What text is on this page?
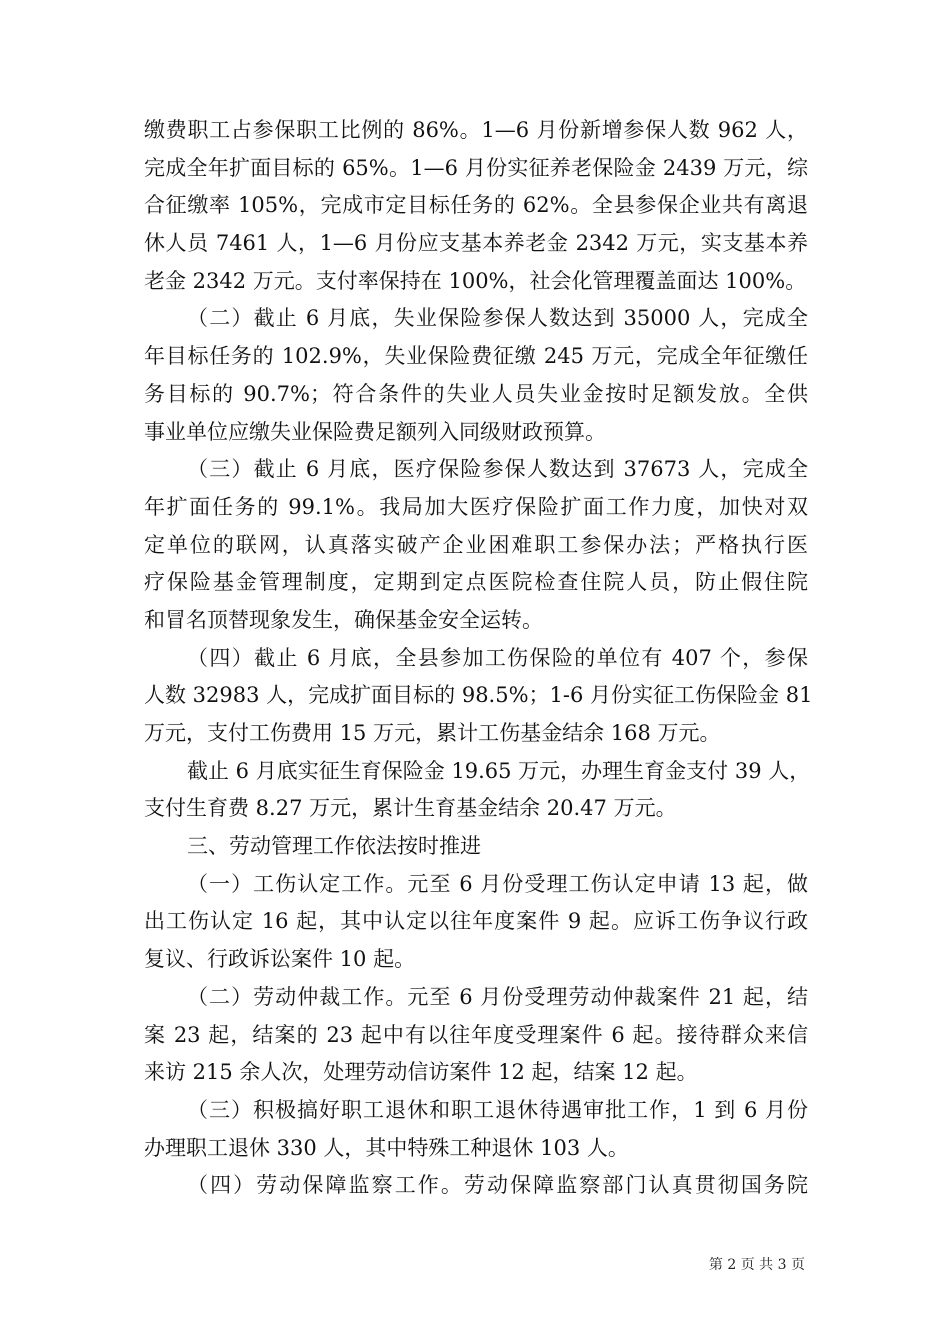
缴费职工占参保职工比例的 86%。1—6 月份新增参保人数 962 人，
完成全年扩面目标的 65%。1—6 月份实征养老保险金 2439 万元，综
合征缴率 105%，完成市定目标任务的 62%。全县参保企业共有离退
休人员 7461 人，1—6 月份应支基本养老金 2342 万元，实支基本养
老金 2342 万元。支付率保持在 100%，社会化管理覆盖面达 100%。
（二）截止 6 月底，失业保险参保人数达到 35000 人，完成全
年目标任务的 102.9%，失业保险费征缴 245 万元，完成全年征缴任
务目标的 90.7%；符合条件的失业人员失业金按时足额发放。全供
事业单位应缴失业保险费足额列入同级财政预算。
（三）截止 6 月底，医疗保险参保人数达到 37673 人，完成全
年扩面任务的 99.1%。我局加大医疗保险扩面工作力度，加快对双
定单位的联网，认真落实破产企业困难职工参保办法；严格执行医
疗保险基金管理制度，定期到定点医院检查住院人员，防止假住院
和冒名顶替现象发生，确保基金安全运转。
（四）截止 6 月底，全县参加工伤保险的单位有 407 个，参保
人数 32983 人，完成扩面目标的 98.5%；1-6 月份实征工伤保险金 81
万元，支付工伤费用 15 万元，累计工伤基金结余 168 万元。
截止 6 月底实征生育保险金 19.65 万元，办理生育金支付 39 人，
支付生育费 8.27 万元，累计生育基金结余 20.47 万元。
三、劳动管理工作依法按时推进
（一）工伤认定工作。元至 6 月份受理工伤认定申请 13 起，做
出工伤认定 16 起，其中认定以往年度案件 9 起。应诉工伤争议行政
复议、行政诉讼案件 10 起。
（二）劳动仲裁工作。元至 6 月份受理劳动仲裁案件 21 起，结
案 23 起，结案的 23 起中有以往年度受理案件 6 起。接待群众来信
来访 215 余人次，处理劳动信访案件 12 起，结案 12 起。
（三）积极搞好职工退休和职工退休待遇审批工作，1 到 6 月份
办理职工退休 330 人，其中特殊工种退休 103 人。
（四）劳动保障监察工作。劳动保障监察部门认真贯彻国务院
第 2 页 共 3 页
